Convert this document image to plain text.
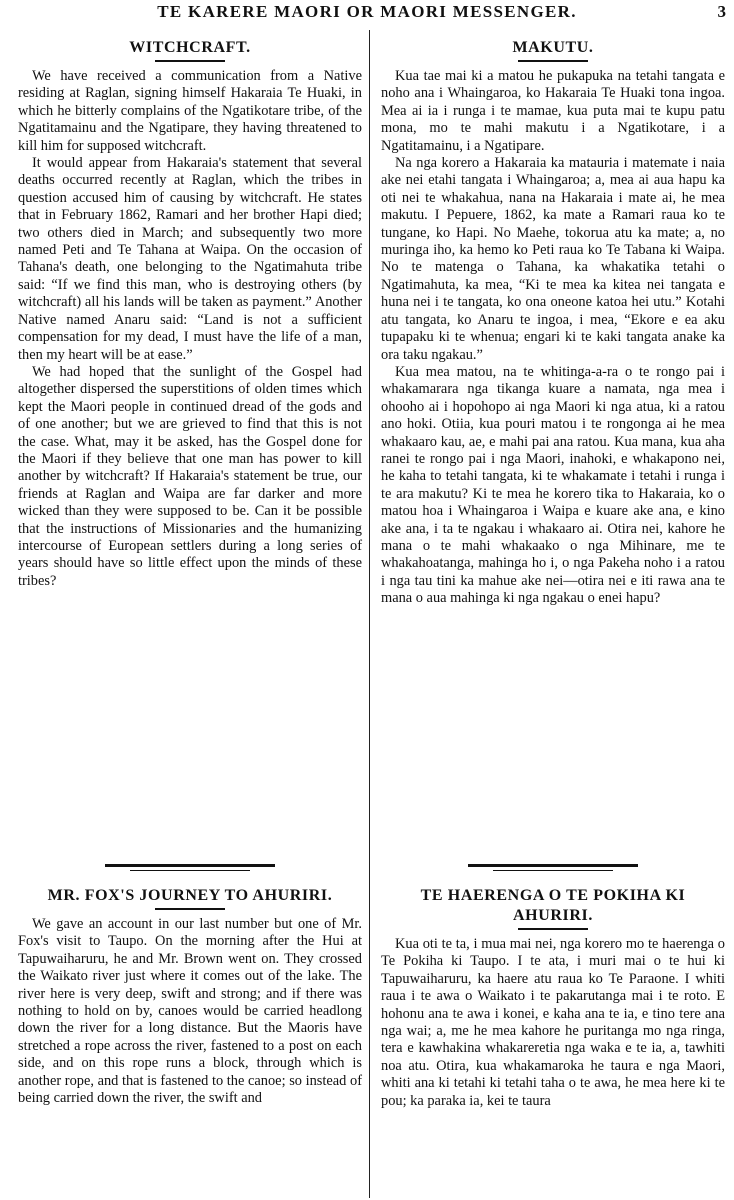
TE KARERE MAORI OR MAORI MESSENGER.	3
WITCHCRAFT.

We have received a communication from a Native residing at Raglan, signing himself Hakaraia Te Huaki, in which he bitterly complains of the Ngatikotare tribe, of the Ngatitamainu and the Ngatipare, they having threatened to kill him for supposed witchcraft.

It would appear from Hakaraia's statement that several deaths occurred recently at Raglan, which the tribes in question accused him of causing by witchcraft. He states that in February 1862, Ramari and her brother Hapi died; two others died in March; and subsequently two more named Peti and Te Tahana at Waipa. On the occasion of Tahana's death, one belonging to the Ngatimahuta tribe said: “If we find this man, who is destroying others (by witchcraft) all his lands will be taken as payment.” Another Native named Anaru said: “Land is not a sufficient compensation for my dead, I must have the life of a man, then my heart will be at ease.”

We had hoped that the sunlight of the Gospel had altogether dispersed the superstitions of olden times which kept the Maori people in continued dread of the gods and of one another; but we are grieved to find that this is not the case. What, may it be asked, has the Gospel done for the Maori if they believe that one man has power to kill another by witchcraft? If Hakaraia's statement be true, our friends at Raglan and Waipa are far darker and more wicked than they were supposed to be. Can it be possible that the instructions of Missionaries and the humanizing intercourse of European settlers during a long series of years should have so little effect upon the minds of these tribes?

MR. FOX'S JOURNEY TO AHURIRI.

We gave an account in our last number but one of Mr. Fox's visit to Taupo. On the morning after the Hui at Tapuwaiharuru, he and Mr. Brown went on. They crossed the Waikato river just where it comes out of the lake. The river here is very deep, swift and strong; and if there was nothing to hold on by, canoes would be carried headlong down the river for a long distance. But the Maoris have stretched a rope across the river, fastened to a post on each side, and on this rope runs a block, through which is another rope, and that is fastened to the canoe; so instead of being carried down the river, the swift and

MAKUTU.

Kua tae mai ki a matou he pukapuka na tetahi tangata e noho ana i Whaingaroa, ko Hakaraia Te Huaki tona ingoa. Mea ai ia i runga i te mamae, kua puta mai te kupu patu mona, mo te mahi makutu i a Ngatikotare, i a Ngatitamainu, i a Ngatipare.

Na nga korero a Hakaraia ka matauria i matemate i naia ake nei etahi tangata i Whaingaroa; a, mea ai aua hapu ka oti nei te whakahua, nana na Hakaraia i mate ai, he mea makutu. I Pepuere, 1862, ka mate a Ramari raua ko te tungane, ko Hapi. No Maehe, tokorua atu ka mate; a, no muringa iho, ka hemo ko Peti raua ko Te Tabana ki Waipa. No te matenga o Tahana, ka whakatika tetahi o Ngatimahuta, ka mea, “Ki te mea ka kitea nei tangata e huna nei i te tangata, ko ona oneone katoa hei utu.” Kotahi atu tangata, ko Anaru te ingoa, i mea, “Ekore e ea aku tupapaku ki te whenua; engari ki te kaki tangata anake ka ora taku ngakau.”

Kua mea matou, na te whitinga-a-ra o te rongo pai i whakamarara nga tikanga kuare a namata, nga mea i ohooho ai i hopohopo ai nga Maori ki nga atua, ki a ratou ano hoki. Otiia, kua pouri matou i te rongonga ai he mea whakaaro kau, ae, e mahi pai ana ratou. Kua mana, kua aha ranei te rongo pai i nga Maori, inahoki, e whakapono nei, he kaha to tetahi tangata, ki te whakamate i tetahi i runga i te ara makutu? Ki te mea he korero tika to Hakaraia, ko o matou hoa i Whaingaroa i Waipa e kuare ake ana, e kino ake ana, i ta te ngakau i whakaaro ai. Otira nei, kahore he mana o te mahi whakaako o nga Mihinare, me te whakahoatanga, mahinga ho i, o nga Pakeha noho i a ratou i nga tau tini ka mahue ake nei—otira nei e iti rawa ana te mana o aua mahinga ki nga ngakau o enei hapu?

TE HAERENGA O TE POKIHA KI AHURIRI.

Kua oti te ta, i mua mai nei, nga korero mo te haerenga o Te Pokiha ki Taupo. I te ata, i muri mai o te hui ki Tapuwaiharuru, ka haere atu raua ko Te Paraone. I whiti raua i te awa o Waikato i te pakarutanga mai i te roto. E hohonu ana te awa i konei, e kaha ana te ia, e tino tere ana nga wai; a, me he mea kahore he puritanga mo nga ringa, tera e kawhakina whakareretia nga waka e te ia, a, tawhiti noa atu. Otira, kua whakamaroka he taura e nga Maori, whiti ana ki tetahi ki tetahi taha o te awa, he mea here ki te pou; ka paraka ia, kei te taura
